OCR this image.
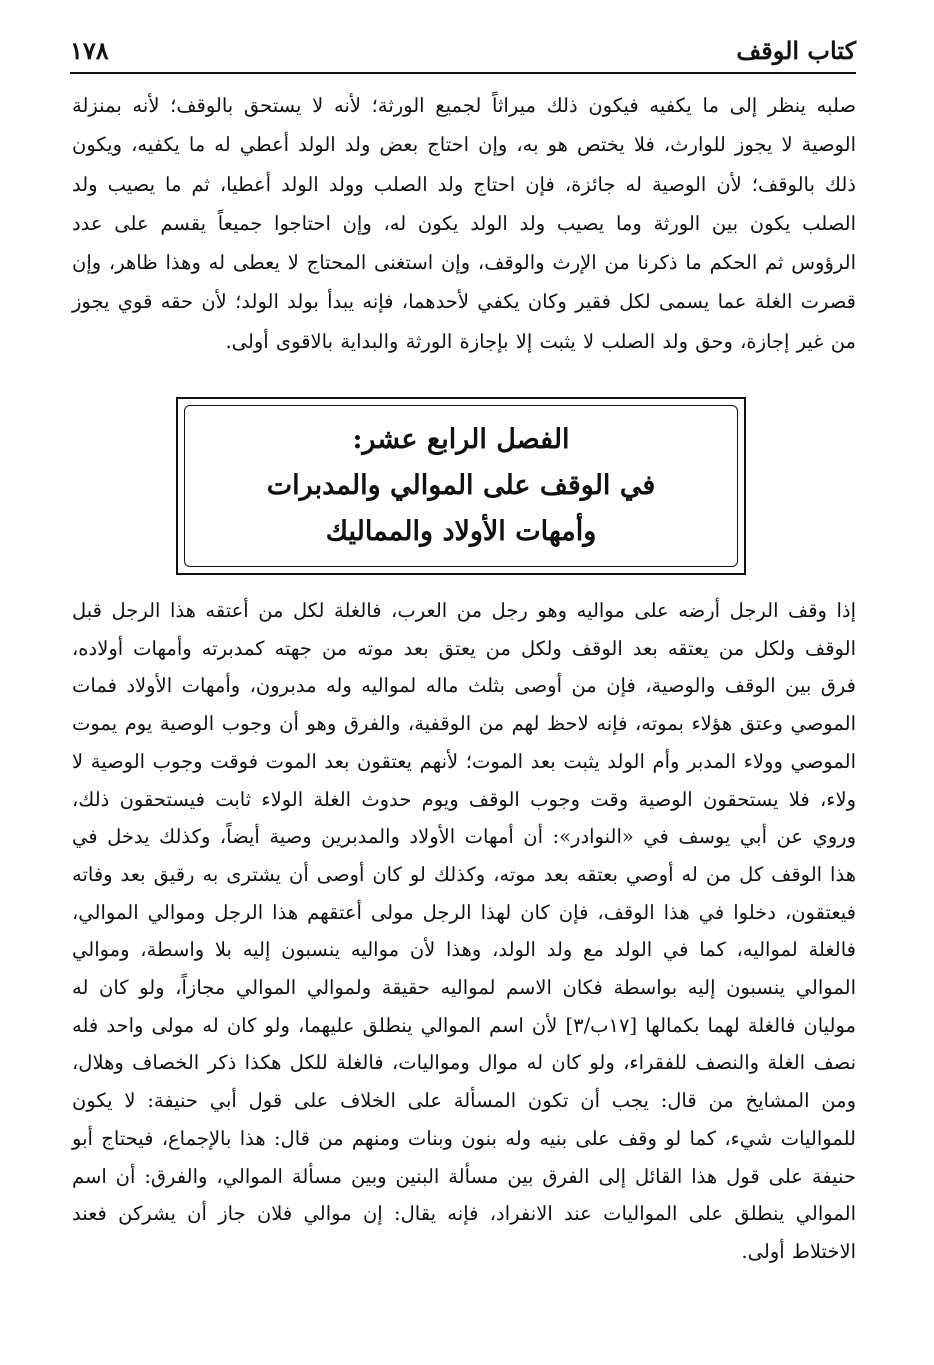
كتاب الوقف
١٧٨

صلبه ينظر إلى ما يكفيه فيكون ذلك ميراثاً لجميع الورثة؛ لأنه لا يستحق بالوقف؛ لأنه بمنزلة الوصية لا يجوز للوارث، فلا يختص هو به، وإن احتاج بعض ولد الولد أعطي له ما يكفيه، ويكون ذلك بالوقف؛ لأن الوصية له جائزة، فإن احتاج ولد الصلب وولد الولد أعطيا، ثم ما يصيب ولد الصلب يكون بين الورثة وما يصيب ولد الولد يكون له، وإن احتاجوا جميعاً يقسم على عدد الرؤوس ثم الحكم ما ذكرنا من الإرث والوقف، وإن استغنى المحتاج لا يعطى له وهذا ظاهر، وإن قصرت الغلة عما يسمى لكل فقير وكان يكفي لأحدهما، فإنه يبدأ بولد الولد؛ لأن حقه قوي يجوز من غير إجازة، وحق ولد الصلب لا يثبت إلا بإجازة الورثة والبداية بالاقوى أولى.

الفصل الرابع عشر:
في الوقف على الموالي والمدبرات
وأمهات الأولاد والمماليك

إذا وقف الرجل أرضه على مواليه وهو رجل من العرب، فالغلة لكل من أعتقه هذا الرجل قبل الوقف ولكل من يعتقه بعد الوقف ولكل من يعتق بعد موته من جهته كمدبرته وأمهات أولاده، فرق بين الوقف والوصية، فإن من أوصى بثلث ماله لمواليه وله مدبرون، وأمهات الأولاد فمات الموصي وعتق هؤلاء بموته، فإنه لاحظ لهم من الوقفية، والفرق وهو أن وجوب الوصية يوم يموت الموصي وولاء المدبر وأم الولد يثبت بعد الموت؛ لأنهم يعتقون بعد الموت فوقت وجوب الوصية لا ولاء، فلا يستحقون الوصية وقت وجوب الوقف ويوم حدوث الغلة الولاء ثابت فيستحقون ذلك، وروي عن أبي يوسف في «النوادر»: أن أمهات الأولاد والمدبرين وصية أيضاً، وكذلك يدخل في هذا الوقف كل من له أوصي بعتقه بعد موته، وكذلك لو كان أوصى أن يشترى به رقيق بعد وفاته فيعتقون، دخلوا في هذا الوقف، فإن كان لهذا الرجل مولى أعتقهم هذا الرجل وموالي الموالي، فالغلة لمواليه، كما في الولد مع ولد الولد، وهذا لأن مواليه ينسبون إليه بلا واسطة، وموالي الموالي ينسبون إليه بواسطة فكان الاسم لمواليه حقيقة ولموالي الموالي مجازاً، ولو كان له موليان فالغلة لهما بكمالها [١٧ب/٣] لأن اسم الموالي ينطلق عليهما، ولو كان له مولى واحد فله نصف الغلة والنصف للفقراء، ولو كان له موال ومواليات، فالغلة للكل هكذا ذكر الخصاف وهلال، ومن المشايخ من قال: يجب أن تكون المسألة على الخلاف على قول أبي حنيفة: لا يكون للمواليات شيء، كما لو وقف على بنيه وله بنون وبنات ومنهم من قال: هذا بالإجماع، فيحتاج أبو حنيفة على قول هذا القائل إلى الفرق بين مسألة البنين وبين مسألة الموالي، والفرق: أن اسم الموالي ينطلق على المواليات عند الانفراد، فإنه يقال: إن موالي فلان جاز أن يشركن فعند الاختلاط أولى.
